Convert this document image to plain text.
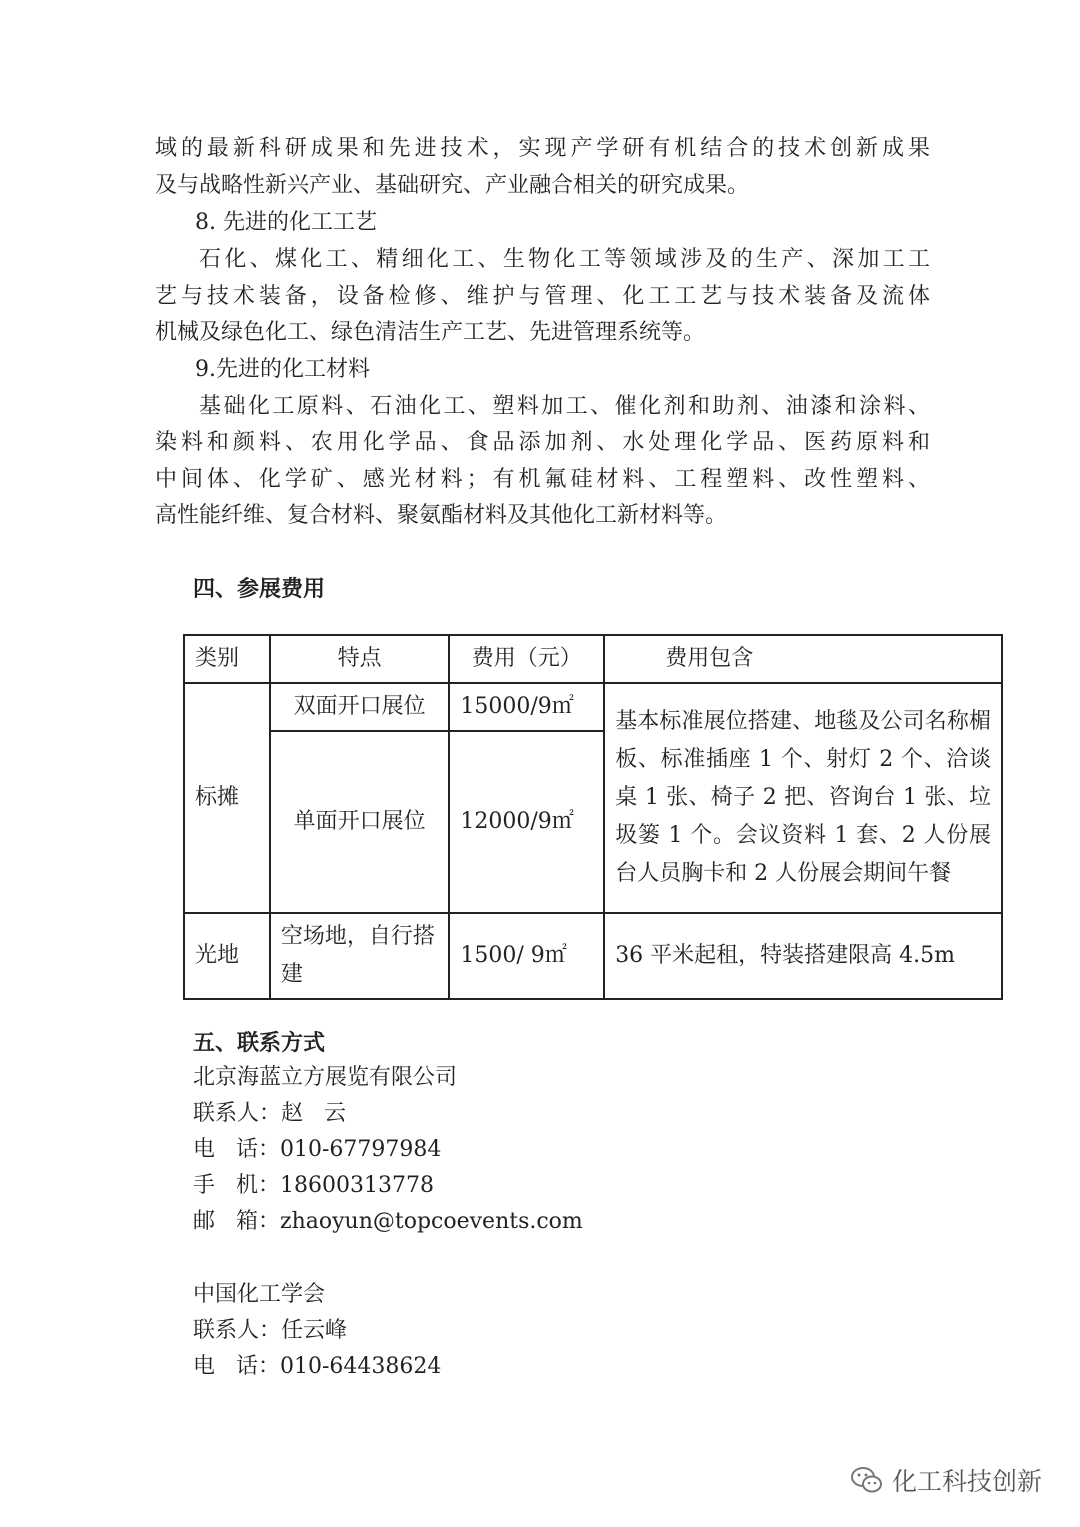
域的最新科研成果和先进技术，实现产学研有机结合的技术创新成果

及与战略性新兴产业、基础研究、产业融合相关的研究成果。

8. 先进的化工工艺

石化、煤化工、精细化工、生物化工等领域涉及的生产、深加工工

艺与技术装备，设备检修、维护与管理、化工工艺与技术装备及流体

机械及绿色化工、绿色清洁生产工艺、先进管理系统等。

9.先进的化工材料

基础化工原料、石油化工、塑料加工、催化剂和助剂、油漆和涂料、

染料和颜料、农用化学品、食品添加剂、水处理化学品、医药原料和

中间体、化学矿、感光材料；有机氟硅材料、工程塑料、改性塑料、

高性能纤维、复合材料、聚氨酯材料及其他化工新材料等。

四、参展费用

类别	特点	费用（元）	费用包含
标摊	双面开口展位	15000/9㎡	基本标准展位搭建、地毯及公司名称楣板、标准插座 1 个、射灯 2 个、洽谈桌 1 张、椅子 2 把、咨询台 1 张、垃圾篓 1 个。会议资料 1 套、2 人份展台人员胸卡和 2 人份展会期间午餐
	单面开口展位	12000/9㎡	
光地	空场地，自行搭建	1500/ 9㎡	36 平米起租，特装搭建限高 4.5m

五、联系方式

北京海蓝立方展览有限公司

联系人：赵   云

电   话：010-67797984

手   机：18600313778

邮   箱：zhaoyun@topcoevents.com

中国化工学会

联系人：任云峰

电   话：010-64438624

化工科技创新
